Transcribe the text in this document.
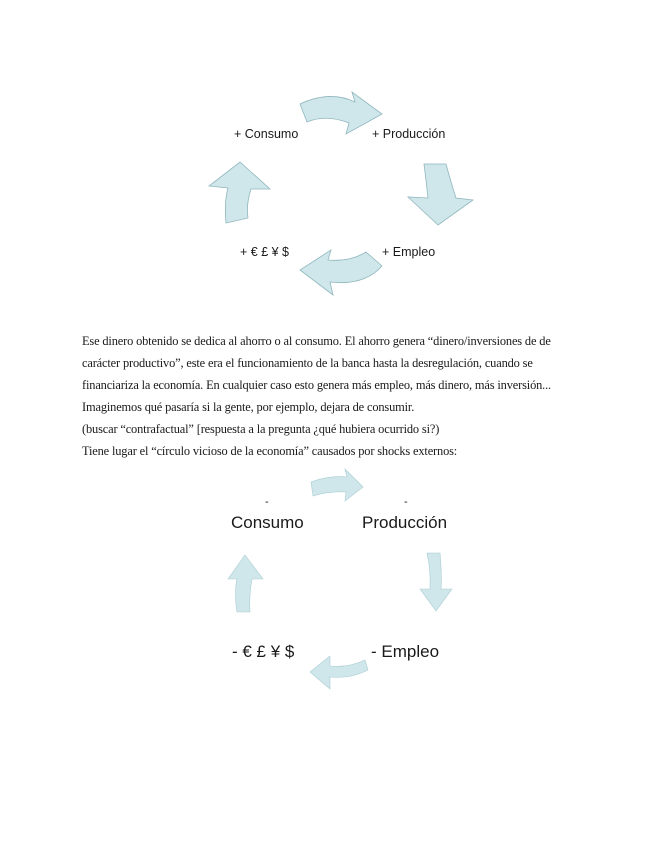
+ Consumo	+ Producción
+ Empleo
+ € £ ¥ $
Ese dinero obtenido se dedica al ahorro o al consumo. El ahorro genera “dinero/inversiones de de
carácter productivo”, este era el funcionamiento de la banca hasta la desregulación, cuando se
financiariza la economía. En cualquier caso esto genera más empleo, más dinero, más inversión...
Imaginemos qué pasaría si la gente, por ejemplo, dejara de consumir.
(buscar “contrafactual” [respuesta a la pregunta ¿qué hubiera ocurrido si?)
Tiene lugar el “círculo vicioso de la economía” causados por shocks externos:
-	-
Consumo	Producción
- Empleo
- € £ ¥ $
